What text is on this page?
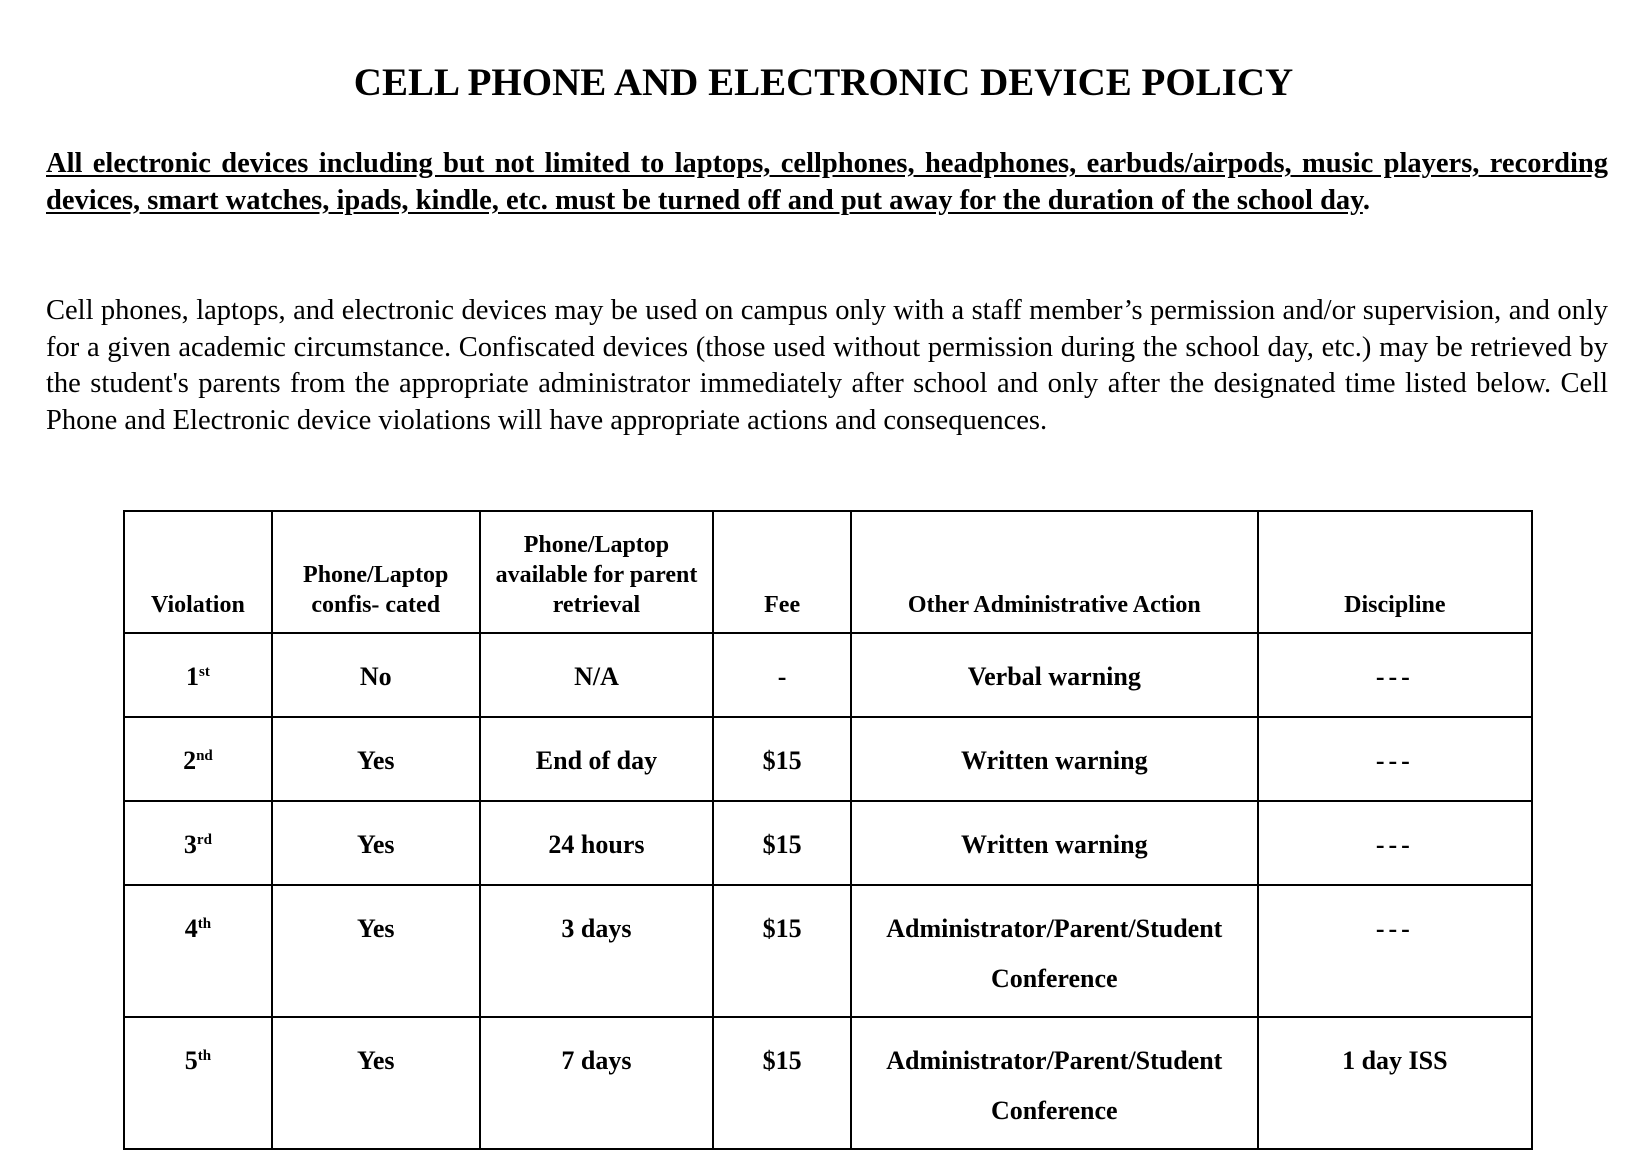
CELL PHONE AND ELECTRONIC DEVICE POLICY

All electronic devices including but not limited to laptops, cellphones, headphones, earbuds/airpods, music players, recording devices, smart watches, ipads, kindle, etc. must be turned off and put away for the duration of the school day.

Cell phones, laptops, and electronic devices may be used on campus only with a staff member’s permission and/or supervision, and only for a given academic circumstance. Confiscated devices (those used without permission during the school day, etc.) may be retrieved by the student's parents from the appropriate administrator immediately after school and only after the designated time listed below. Cell Phone and Electronic device violations will have appropriate actions and consequences.

Violation	Phone/Laptop confis- cated	Phone/Laptop available for parent retrieval	Fee	Other Administrative Action	Discipline
1st	No	N/A	-	Verbal warning	---
2nd	Yes	End of day	$15	Written warning	---
3rd	Yes	24 hours	$15	Written warning	---
4th	Yes	3 days	$15	Administrator/Parent/Student
Conference	---
5th	Yes	7 days	$15	Administrator/Parent/Student
Conference	1 day ISS
